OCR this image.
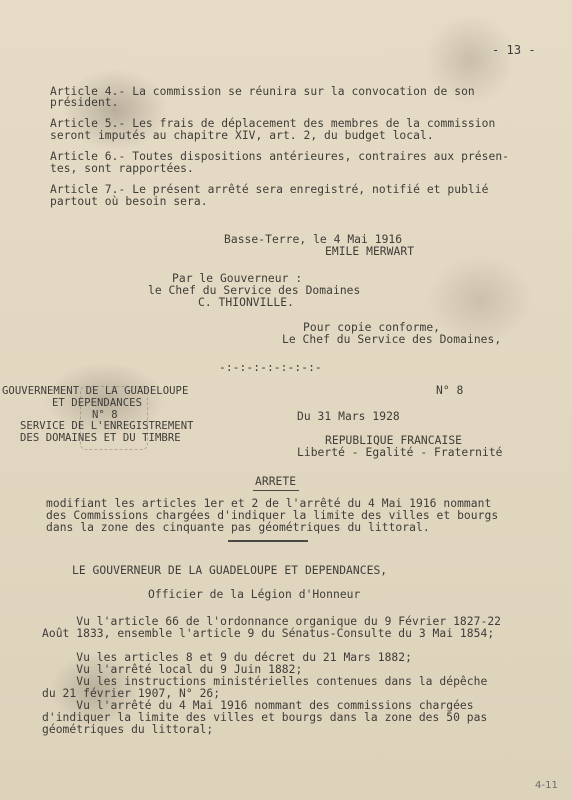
- 13 -
Article 4.- La commission se réunira sur la convocation de son
président.
Article 5.- Les frais de déplacement des membres de la commission
seront imputés au chapitre XIV, art. 2, du budget local.
Article 6.- Toutes dispositions antérieures, contraires aux présen-
tes, sont rapportées.
Article 7.- Le présent arrêté sera enregistré, notifié et publié
partout où besoin sera.
Basse-Terre, le 4 Mai 1916
EMILE MERWART
Par le Gouverneur :
le Chef du Service des Domaines
C. THIONVILLE.
Pour copie conforme,
Le Chef du Service des Domaines,
-:-:-:-:-:-:-:-
GOUVERNEMENT DE LA GUADELOUPE
ET DEPENDANCES
N° 8
SERVICE DE L'ENREGISTREMENT
DES DOMAINES ET DU TIMBRE
N° 8
Du 31 Mars 1928
REPUBLIQUE FRANCAISE
Liberté - Egalité - Fraternité
ARRETE
modifiant les articles 1er et 2 de l'arrêté du 4 Mai 1916 nommant
des Commissions chargées d'indiquer la limite des villes et bourgs
dans la zone des cinquante pas géométriques du littoral.
LE GOUVERNEUR DE LA GUADELOUPE ET DEPENDANCES,
Officier de la Légion d'Honneur
Vu l'article 66 de l'ordonnance organique du 9 Février 1827-22
Août 1833, ensemble l'article 9 du Sénatus-Consulte du 3 Mai 1854;
Vu les articles 8 et 9 du décret du 21 Mars 1882;
Vu l'arrêté local du 9 Juin 1882;
Vu les instructions ministérielles contenues dans la dépêche
du 21 février 1907, N° 26;
Vu l'arrêté du 4 Mai 1916 nommant des commissions chargées
d'indiquer la limite des villes et bourgs dans la zone des 50 pas
géométriques du littoral;
4-11
